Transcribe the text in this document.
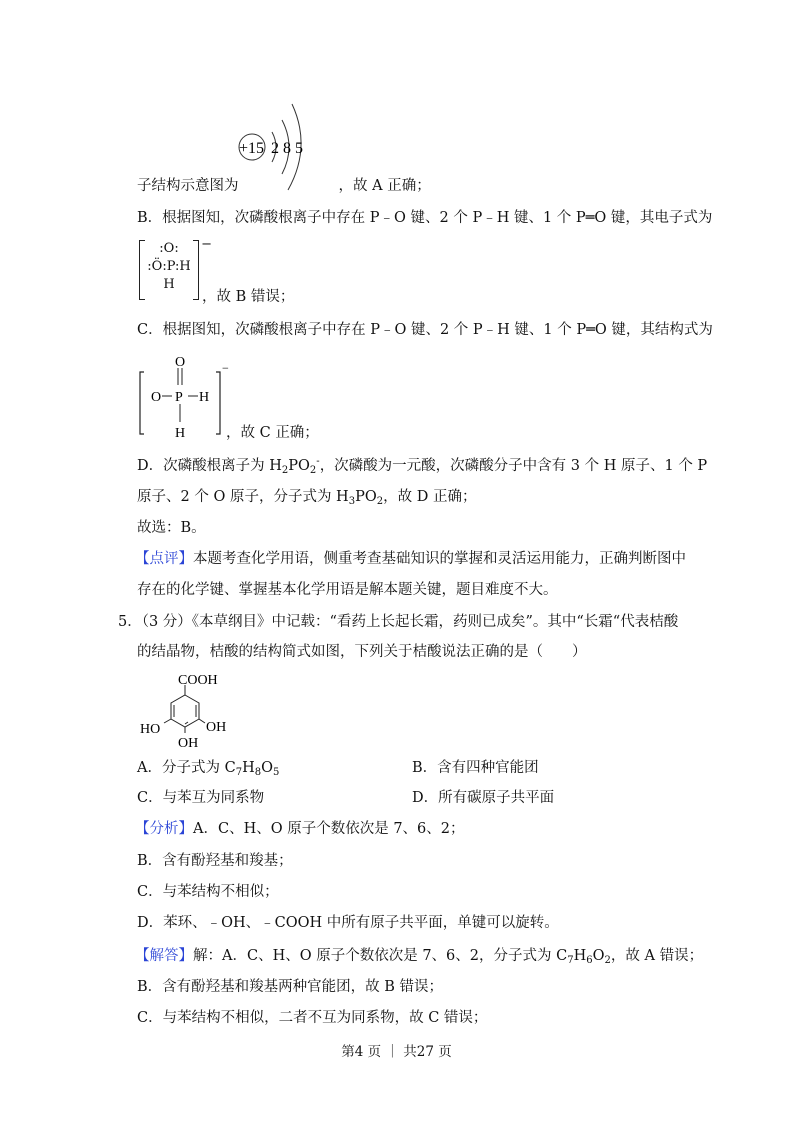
+15 2 8 5
子结构示意图为	，故 A 正确；
B．根据图知，次磷酸根离子中存在 P﹣O 键、2 个 P﹣H 键、1 个 P═O 键，其电子式为
:O:
:Ö:P:H
H
−
，故 B 错误；
C．根据图知，次磷酸根离子中存在 P﹣O 键、2 个 P﹣H 键、1 个 P═O 键，其结构式为
O
O P H
H
−
，故 C 正确；
D．次磷酸根离子为 $H_2PO_2^-$，次磷酸为一元酸，次磷酸分子中含有 3 个 H 原子、1 个 P
原子、2 个 O 原子，分子式为 $H_3PO_2$，故 D 正确；
故选：B。
【点评】本题考查化学用语，侧重考查基础知识的掌握和灵活运用能力，正确判断图中
存在的化学键、掌握基本化学用语是解本题关键，题目难度不大。
5．（3 分）《本草纲目》中记载：“看药上长起长霜，药则已成矣”。其中“长霜“代表桔酸
的结晶物，桔酸的结构简式如图，下列关于桔酸说法正确的是（　　）
COOH
HO	OH
OH
A．分子式为 $C_7H_8O_5$	B．含有四种官能团
C．与苯互为同系物	D．所有碳原子共平面
【分析】A．C、H、O 原子个数依次是 7、6、2；
B．含有酚羟基和羧基；
C．与苯结构不相似；
D．苯环、﹣OH、﹣COOH 中所有原子共平面，单键可以旋转。
【解答】解：A．C、H、O 原子个数依次是 7、6、2，分子式为 $C_7H_6O_2$，故 A 错误；
B．含有酚羟基和羧基两种官能团，故 B 错误；
C．与苯结构不相似，二者不互为同系物，故 C 错误；
第4 页 ｜ 共27 页
